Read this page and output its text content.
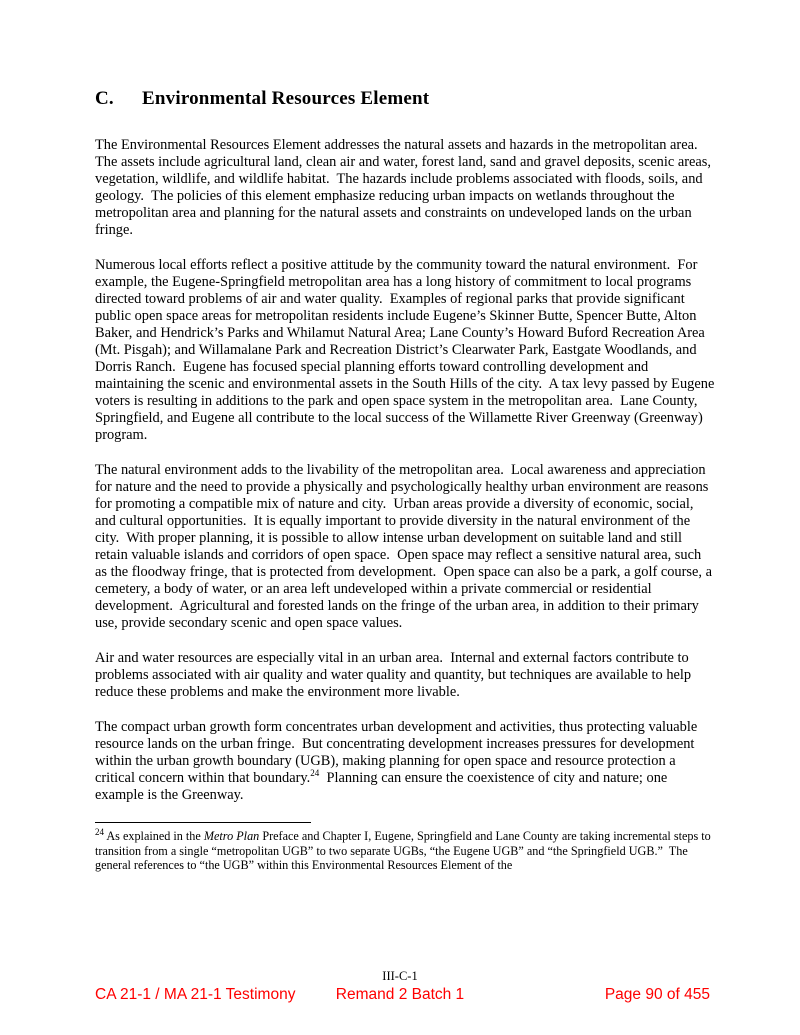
C. Environmental Resources Element

The Environmental Resources Element addresses the natural assets and hazards in the metropolitan area.  The assets include agricultural land, clean air and water, forest land, sand and gravel deposits, scenic areas, vegetation, wildlife, and wildlife habitat.  The hazards include problems associated with floods, soils, and geology.  The policies of this element emphasize reducing urban impacts on wetlands throughout the metropolitan area and planning for the natural assets and constraints on undeveloped lands on the urban fringe.

Numerous local efforts reflect a positive attitude by the community toward the natural environment.  For example, the Eugene-Springfield metropolitan area has a long history of commitment to local programs directed toward problems of air and water quality.  Examples of regional parks that provide significant public open space areas for metropolitan residents include Eugene’s Skinner Butte, Spencer Butte, Alton Baker, and Hendrick’s Parks and Whilamut Natural Area; Lane County’s Howard Buford Recreation Area (Mt. Pisgah); and Willamalane Park and Recreation District’s Clearwater Park, Eastgate Woodlands, and Dorris Ranch.  Eugene has focused special planning efforts toward controlling development and maintaining the scenic and environmental assets in the South Hills of the city.  A tax levy passed by Eugene voters is resulting in additions to the park and open space system in the metropolitan area.  Lane County, Springfield, and Eugene all contribute to the local success of the Willamette River Greenway (Greenway) program.

The natural environment adds to the livability of the metropolitan area.  Local awareness and appreciation for nature and the need to provide a physically and psychologically healthy urban environment are reasons for promoting a compatible mix of nature and city.  Urban areas provide a diversity of economic, social, and cultural opportunities.  It is equally important to provide diversity in the natural environment of the city.  With proper planning, it is possible to allow intense urban development on suitable land and still retain valuable islands and corridors of open space.  Open space may reflect a sensitive natural area, such as the floodway fringe, that is protected from development.  Open space can also be a park, a golf course, a cemetery, a body of water, or an area left undeveloped within a private commercial or residential development.  Agricultural and forested lands on the fringe of the urban area, in addition to their primary use, provide secondary scenic and open space values.

Air and water resources are especially vital in an urban area.  Internal and external factors contribute to problems associated with air quality and water quality and quantity, but techniques are available to help reduce these problems and make the environment more livable.

The compact urban growth form concentrates urban development and activities, thus protecting valuable resource lands on the urban fringe.  But concentrating development increases pressures for development within the urban growth boundary (UGB), making planning for open space and resource protection a critical concern within that boundary.$^{24}$  Planning can ensure the coexistence of city and nature; one example is the Greenway.

$^{24}$ As explained in the Metro Plan Preface and Chapter I, Eugene, Springfield and Lane County are taking incremental steps to transition from a single “metropolitan UGB” to two separate UGBs, “the Eugene UGB” and “the Springfield UGB.”  The general references to “the UGB” within this Environmental Resources Element of the

III-C-1
CA 21-1 / MA 21-1 Testimony	Remand 2 Batch 1	Page 90 of 455
